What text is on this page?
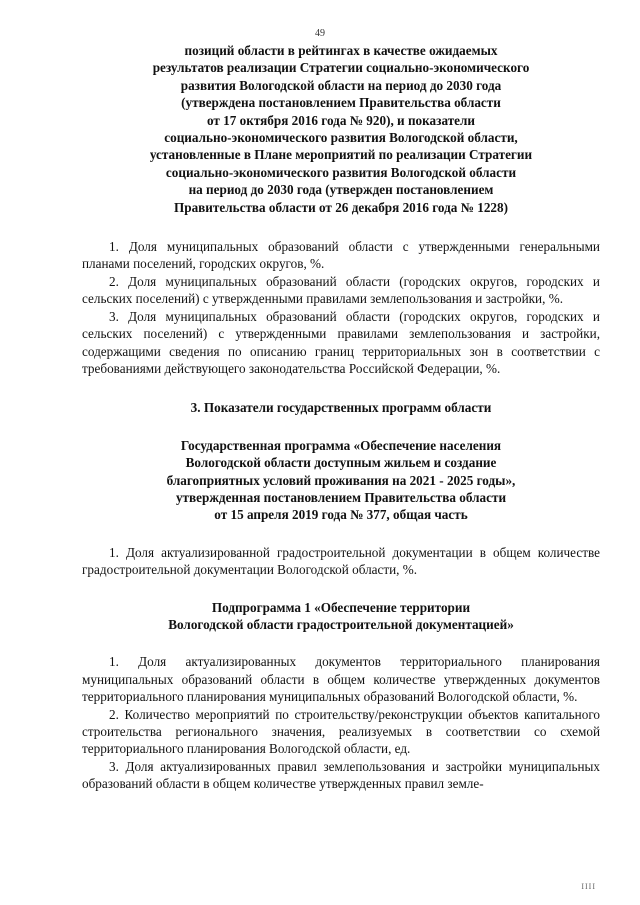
49
позиций области в рейтингах в качестве ожидаемых
результатов реализации Стратегии социально-экономического
развития Вологодской области на период до 2030 года
(утверждена постановлением Правительства области
от 17 октября 2016 года № 920), и показатели
социально-экономического развития Вологодской области,
установленные в Плане мероприятий по реализации Стратегии
социально-экономического развития Вологодской области
на период до 2030 года (утвержден постановлением
Правительства области от 26 декабря 2016 года № 1228)

1. Доля муниципальных образований области с утвержденными генеральными планами поселений, городских округов, %.

2. Доля муниципальных образований области (городских округов, городских и сельских поселений) с утвержденными правилами землепользования и застройки, %.

3. Доля муниципальных образований области (городских округов, городских и сельских поселений) с утвержденными правилами землепользования и застройки, содержащими сведения по описанию границ территориальных зон в соответствии с требованиями действующего законодательства Российской Федерации, %.

3. Показатели государственных программ области

Государственная программа «Обеспечение населения
Вологодской области доступным жильем и создание
благоприятных условий проживания на 2021 - 2025 годы»,
утвержденная постановлением Правительства области
от 15 апреля 2019 года № 377, общая часть

1. Доля актуализированной градостроительной документации в общем количестве градостроительной документации Вологодской области, %.

Подпрограмма 1 «Обеспечение территории
Вологодской области градостроительной документацией»

1. Доля актуализированных документов территориального планирования муниципальных образований области в общем количестве утвержденных документов территориального планирования муниципальных образований Вологодской области, %.

2. Количество мероприятий по строительству/реконструкции объектов капитального строительства регионального значения, реализуемых в соответствии со схемой территориального планирования Вологодской области, ед.

3. Доля актуализированных правил землепользования и застройки муниципальных образований области в общем количестве утвержденных правил земле-

IIII
